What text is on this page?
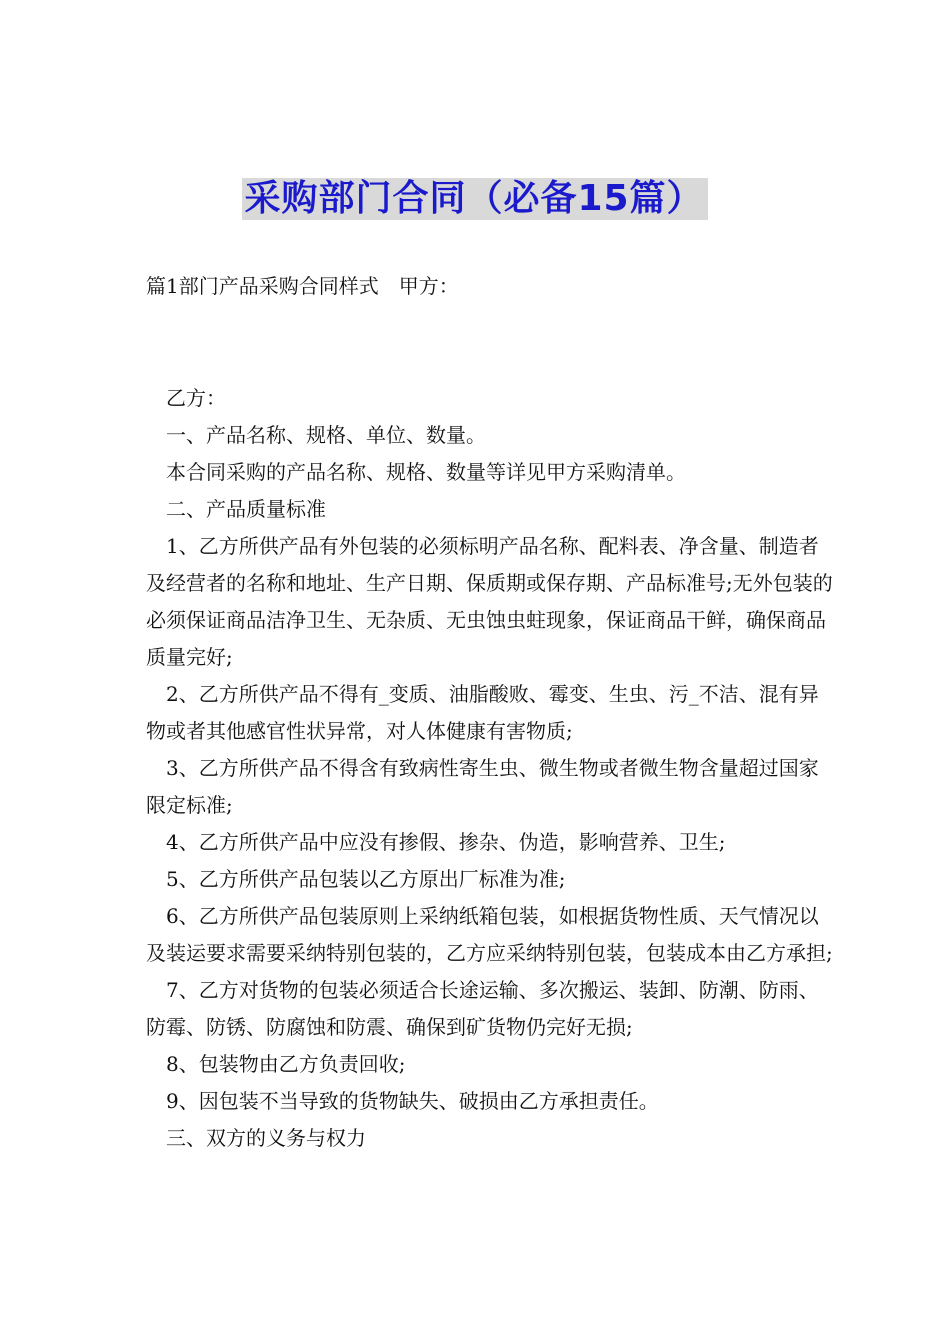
采购部门合同（必备15篇）
篇1部门产品采购合同样式　甲方：

乙方：

一、产品名称、规格、单位、数量。

本合同采购的产品名称、规格、数量等详见甲方采购清单。

二、产品质量标准

1、乙方所供产品有外包装的必须标明产品名称、配料表、净含量、制造者及经营者的名称和地址、生产日期、保质期或保存期、产品标准号;无外包装的必须保证商品洁净卫生、无杂质、无虫蚀虫蛀现象，保证商品干鲜，确保商品质量完好;

2、乙方所供产品不得有_变质、油脂酸败、霉变、生虫、污_不洁、混有异物或者其他感官性状异常，对人体健康有害物质;

3、乙方所供产品不得含有致病性寄生虫、微生物或者微生物含量超过国家限定标准;

4、乙方所供产品中应没有掺假、掺杂、伪造，影响营养、卫生;

5、乙方所供产品包装以乙方原出厂标准为准;

6、乙方所供产品包装原则上采纳纸箱包装，如根据货物性质、天气情况以及装运要求需要采纳特别包装的，乙方应采纳特别包装，包装成本由乙方承担;

7、乙方对货物的包装必须适合长途运输、多次搬运、装卸、防潮、防雨、防霉、防锈、防腐蚀和防震、确保到矿货物仍完好无损;

8、包装物由乙方负责回收;

9、因包装不当导致的货物缺失、破损由乙方承担责任。

三、双方的义务与权力
